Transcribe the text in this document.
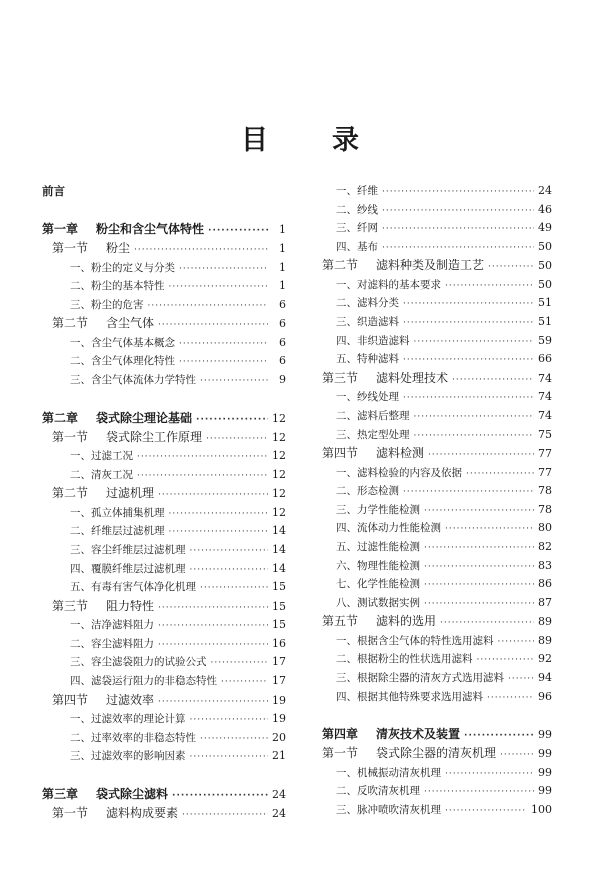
目 录
前言
第一章 粉尘和含尘气体特性 ·····	1
第一节 粉尘 ·····	1
一、粉尘的定义与分类 ·····	1
二、粉尘的基本特性 ·····	1
三、粉尘的危害 ·····	6
第二节 含尘气体 ·····	6
一、含尘气体基本概念 ·····	6
二、含尘气体理化特性 ·····	6
三、含尘气体流体力学特性 ·····	9
第二章 袋式除尘理论基础 ·····	12
第一节 袋式除尘工作原理 ·····	12
一、过滤工况 ·····	12
二、清灰工况 ·····	12
第二节 过滤机理 ·····	12
一、孤立体捕集机理 ·····	12
二、纤维层过滤机理 ·····	14
三、容尘纤维层过滤机理 ·····	14
四、覆膜纤维层过滤机理 ·····	14
五、有毒有害气体净化机理 ·····	15
第三节 阻力特性 ·····	15
一、洁净滤料阻力 ·····	15
二、容尘滤料阻力 ·····	16
三、容尘滤袋阻力的试验公式 ·····	17
四、滤袋运行阻力的非稳态特性 ·····	17
第四节 过滤效率 ·····	19
一、过滤效率的理论计算 ·····	19
二、过率效率的非稳态特性 ·····	20
三、过滤效率的影响因素 ·····	21
第三章 袋式除尘滤料 ·····	24
第一节 滤料构成要素 ·····	24
一、纤维 ·····	24
二、纱线 ·····	46
三、纤网 ·····	49
四、基布 ·····	50
第二节 滤料种类及制造工艺 ·····	50
一、对滤料的基本要求 ·····	50
二、滤料分类 ·····	51
三、织造滤料 ·····	51
四、非织造滤料 ·····	59
五、特种滤料 ·····	66
第三节 滤料处理技术 ·····	74
一、纱线处理 ·····	74
二、滤料后整理 ·····	74
三、热定型处理 ·····	75
第四节 滤料检测 ·····	77
一、滤料检验的内容及依据 ·····	77
二、形态检测 ·····	78
三、力学性能检测 ·····	78
四、流体动力性能检测 ·····	80
五、过滤性能检测 ·····	82
六、物理性能检测 ·····	83
七、化学性能检测 ·····	86
八、测试数据实例 ·····	87
第五节 滤料的选用 ·····	89
一、根据含尘气体的特性选用滤料 ·····	89
二、根据粉尘的性状选用滤料 ·····	92
三、根据除尘器的清灰方式选用滤料 ·····	94
四、根据其他特殊要求选用滤料 ·····	96
第四章 清灰技术及装置 ·····	99
第一节 袋式除尘器的清灰机理 ·····	99
一、机械振动清灰机理 ·····	99
二、反吹清灰机理 ·····	99
三、脉冲喷吹清灰机理 ·····	100
